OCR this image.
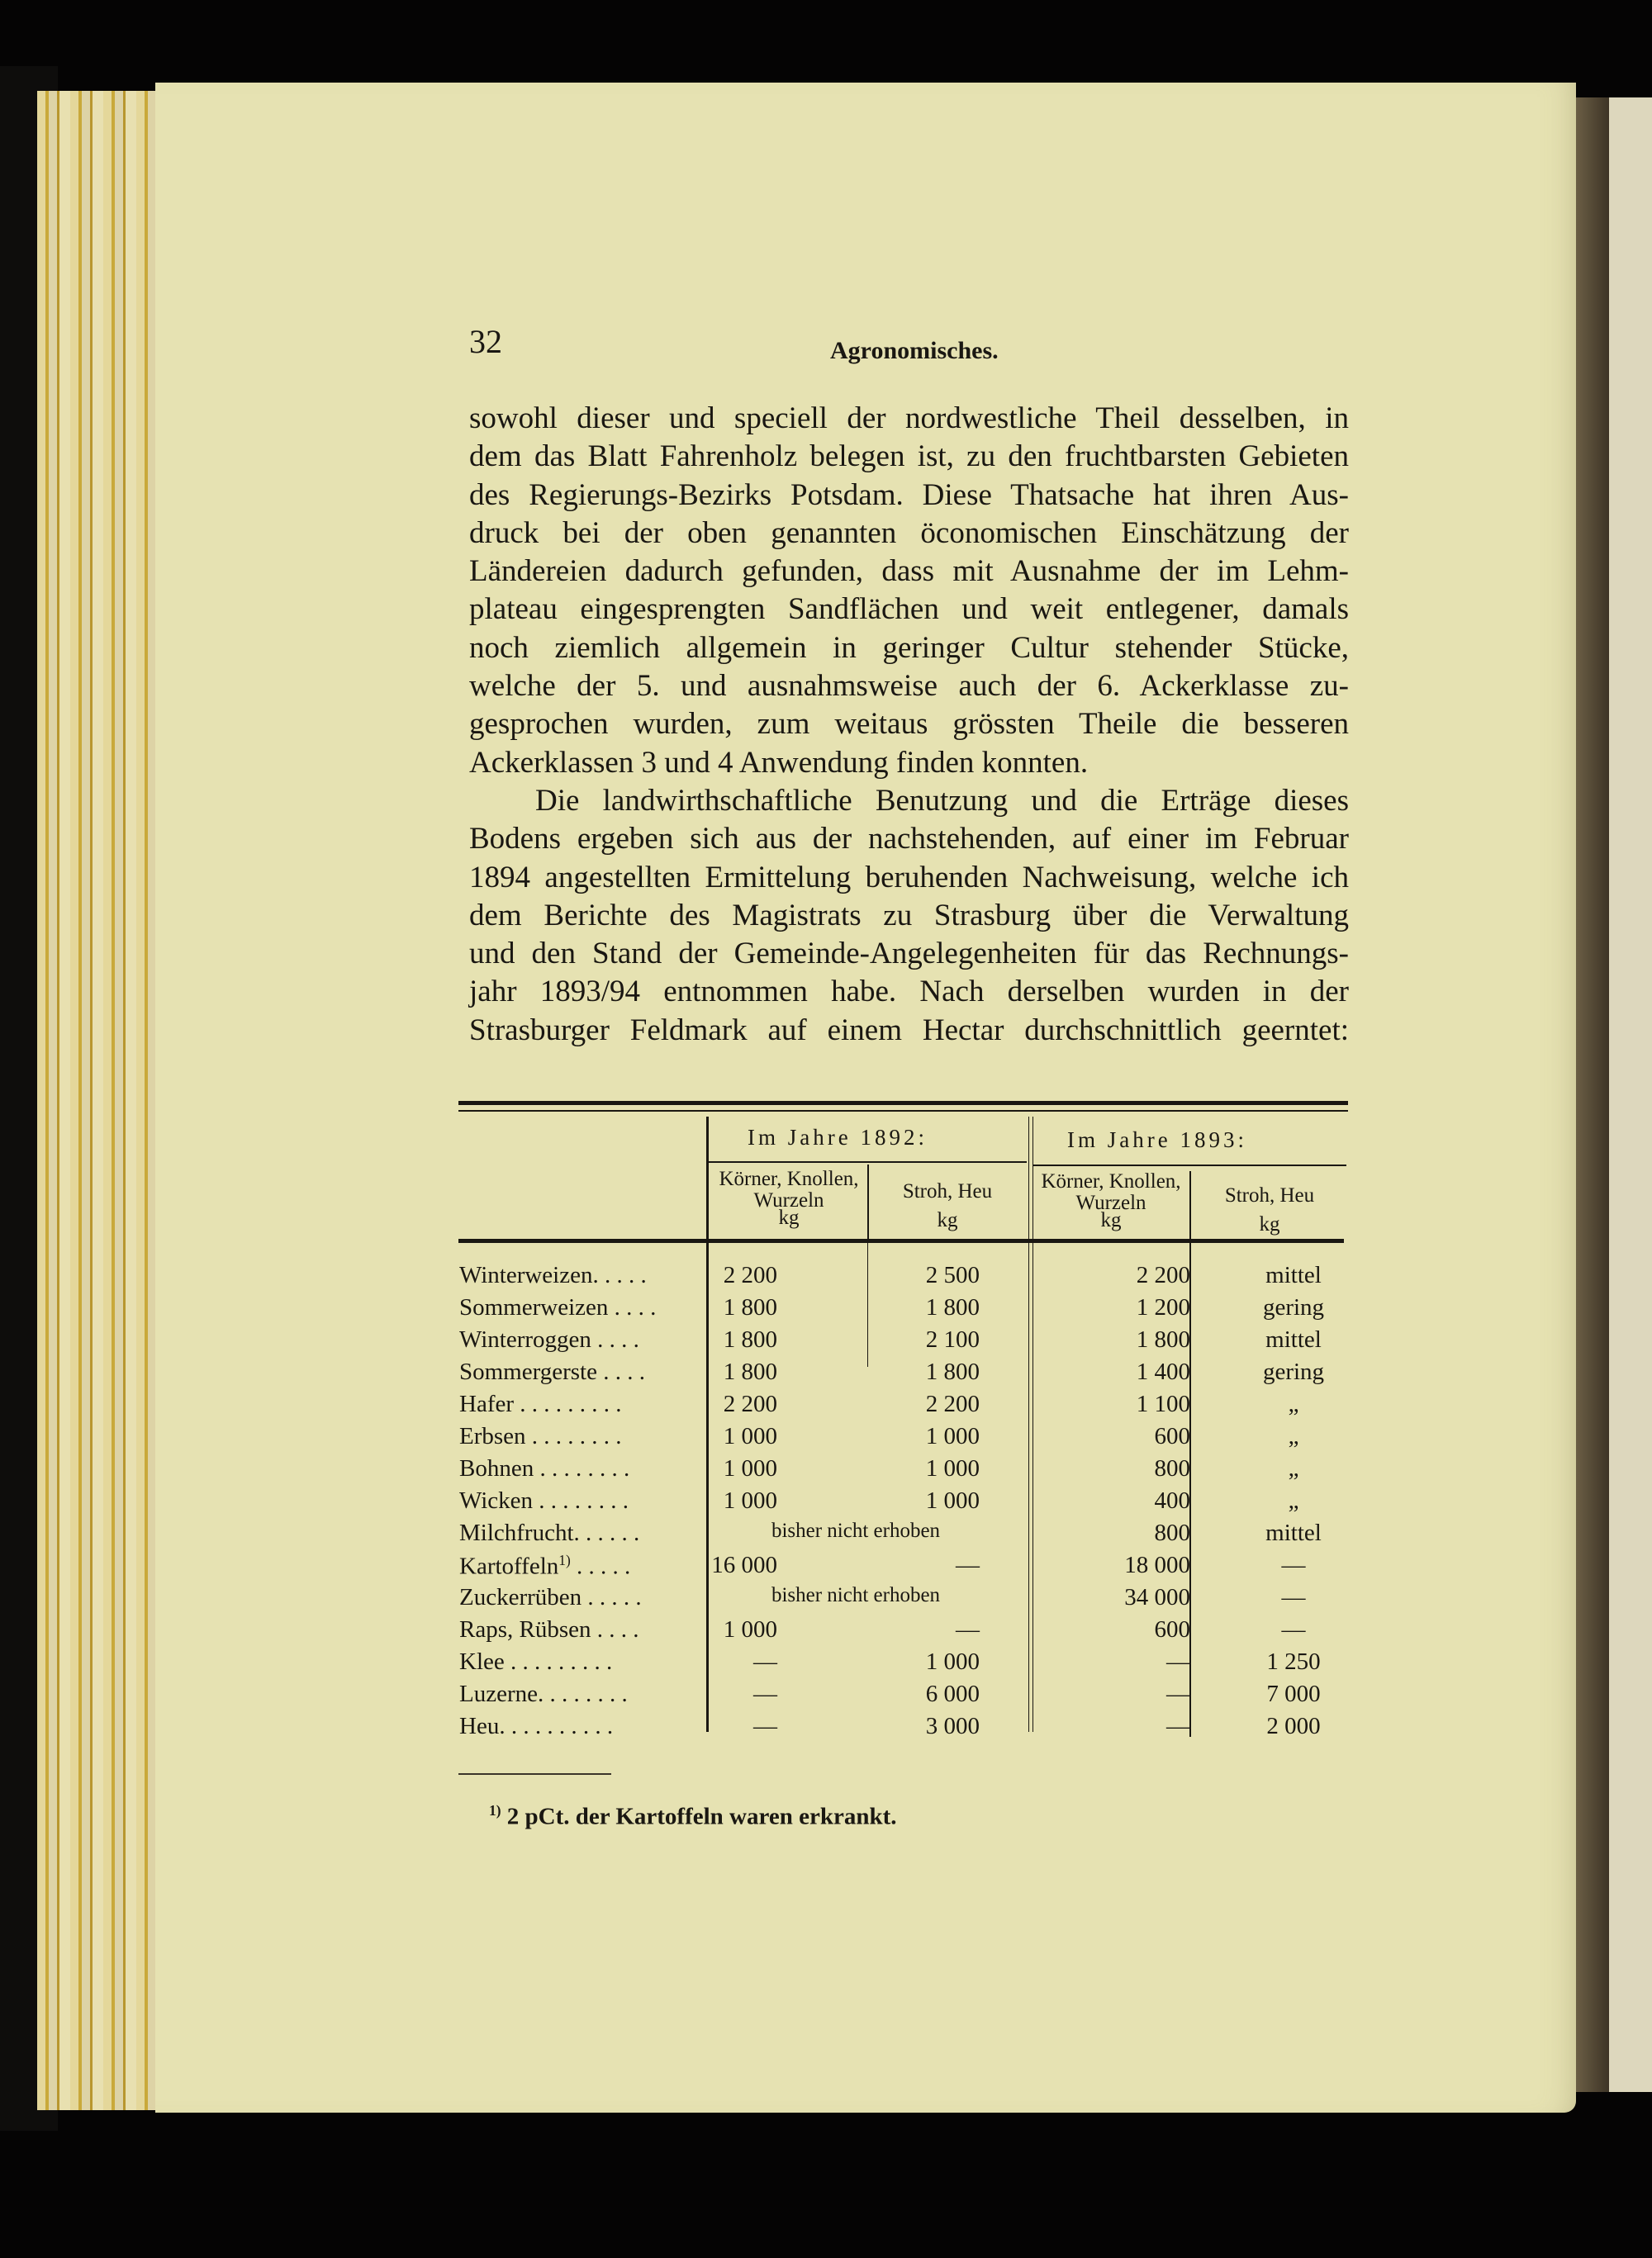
32	Agronomisches.

sowohl dieser und speciell der nordwestliche Theil desselben, in
dem das Blatt Fahrenholz belegen ist, zu den fruchtbarsten Gebieten
des Regierungs-Bezirks Potsdam. Diese Thatsache hat ihren Aus-
druck bei der oben genannten öconomischen Einschätzung der
Ländereien dadurch gefunden, dass mit Ausnahme der im Lehm-
plateau eingesprengten Sandflächen und weit entlegener, damals
noch ziemlich allgemein in geringer Cultur stehender Stücke,
welche der 5. und ausnahmsweise auch der 6. Ackerklasse zu-
gesprochen wurden, zum weitaus grössten Theile die besseren
Ackerklassen 3 und 4 Anwendung finden konnten.

Die landwirthschaftliche Benutzung und die Erträge dieses
Bodens ergeben sich aus der nachstehenden, auf einer im Februar
1894 angestellten Ermittelung beruhenden Nachweisung, welche ich
dem Berichte des Magistrats zu Strasburg über die Verwaltung
und den Stand der Gemeinde-Angelegenheiten für das Rechnungs-
jahr 1893/94 entnommen habe. Nach derselben wurden in der
Strasburger Feldmark auf einem Hectar durchschnittlich geerntet:

Im Jahre 1892:	Im Jahre 1893:
Körner, Knollen, Wurzeln	Stroh, Heu	Körner, Knollen, Wurzeln	Stroh, Heu
kg	kg	kg	kg
Winterweizen. . . . .	2 200	2 500	2 200	mittel
Sommerweizen . . . .	1 800	1 800	1 200	gering
Winterroggen . . . .	1 800	2 100	1 800	mittel
Sommergerste . . . .	1 800	1 800	1 400	gering
Hafer . . . . . . . . .	2 200	2 200	1 100	„
Erbsen . . . . . . . .	1 000	1 000	600	„
Bohnen . . . . . . . .	1 000	1 000	800	„
Wicken . . . . . . . .	1 000	1 000	400	„
Milchfrucht. . . . . .	bisher nicht erhoben	800	mittel
Kartoffeln$^{1)}$ . . . . .	16 000	—	18 000	—
Zuckerrüben . . . . .	bisher nicht erhoben	34 000	—
Raps, Rübsen . . . .	1 000	—	600	—
Klee . . . . . . . . .	—	1 000	—	1 250
Luzerne. . . . . . . .	—	6 000	—	7 000
Heu. . . . . . . . . .	—	3 000	—	2 000
$^{1)}$ 2 pCt. der Kartoffeln waren erkrankt.
